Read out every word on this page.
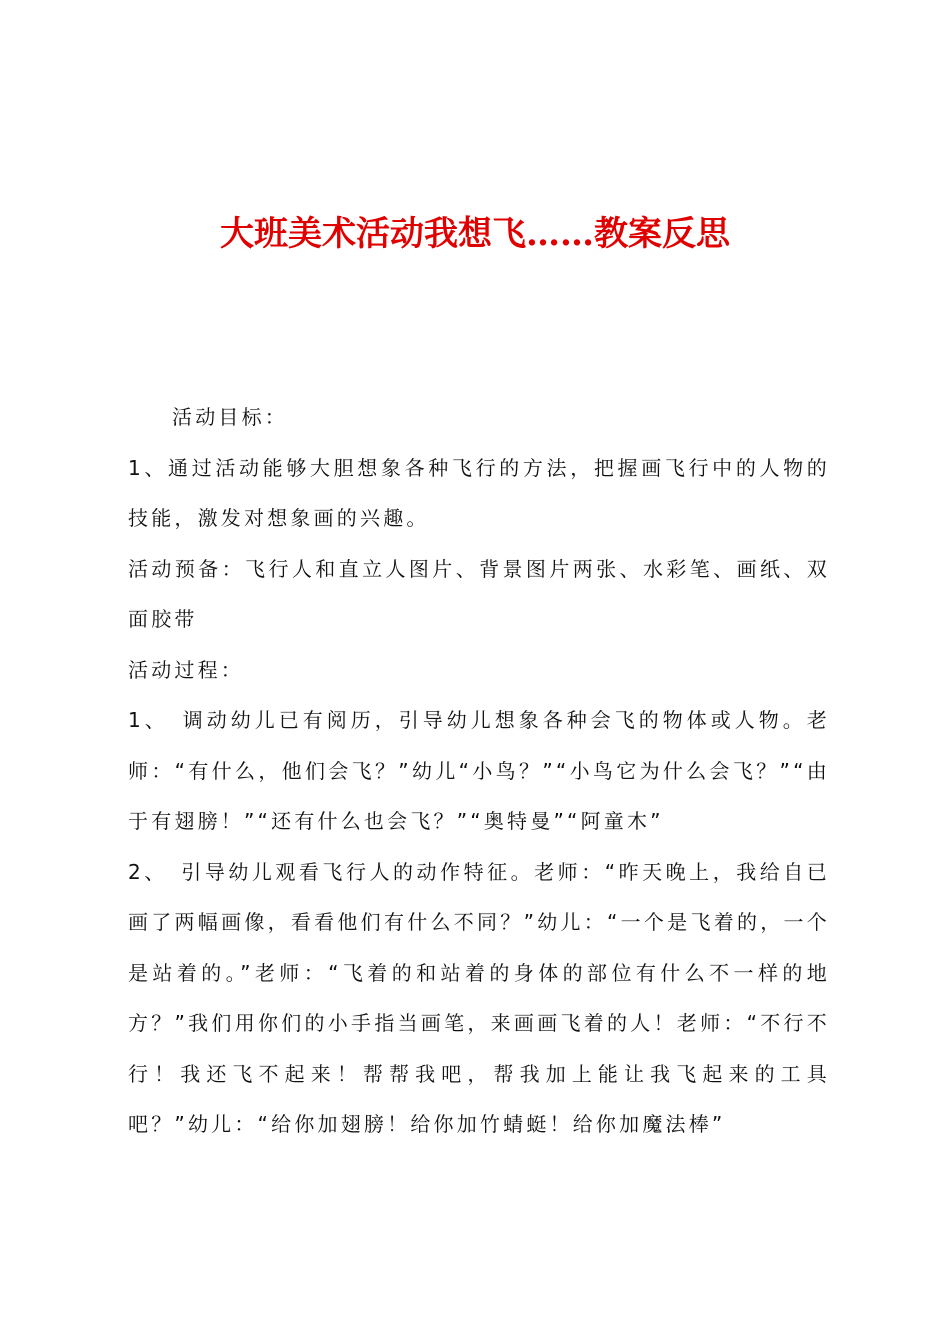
大班美术活动我想飞……教案反思

活动目标：

1、通过活动能够大胆想象各种飞行的方法，把握画飞行中的人物的技能，激发对想象画的兴趣。

活动预备：飞行人和直立人图片、背景图片两张、水彩笔、画纸、双面胶带

活动过程：

1、　调动幼儿已有阅历，引导幼儿想象各种会飞的物体或人物。老师：“有什么，他们会飞？”幼儿“小鸟？”“小鸟它为什么会飞？”“由于有翅膀！”“还有什么也会飞？”“奥特曼”“阿童木”

2、　引导幼儿观看飞行人的动作特征。老师：“昨天晚上，我给自已画了两幅画像，看看他们有什么不同？”幼儿：“一个是飞着的，一个是站着的。”老师：“飞着的和站着的身体的部位有什么不一样的地方？”我们用你们的小手指当画笔，来画画飞着的人！老师：“不行不行！我还飞不起来！帮帮我吧，帮我加上能让我飞起来的工具吧？”幼儿：“给你加翅膀！给你加竹蜻蜓！给你加魔法棒”
